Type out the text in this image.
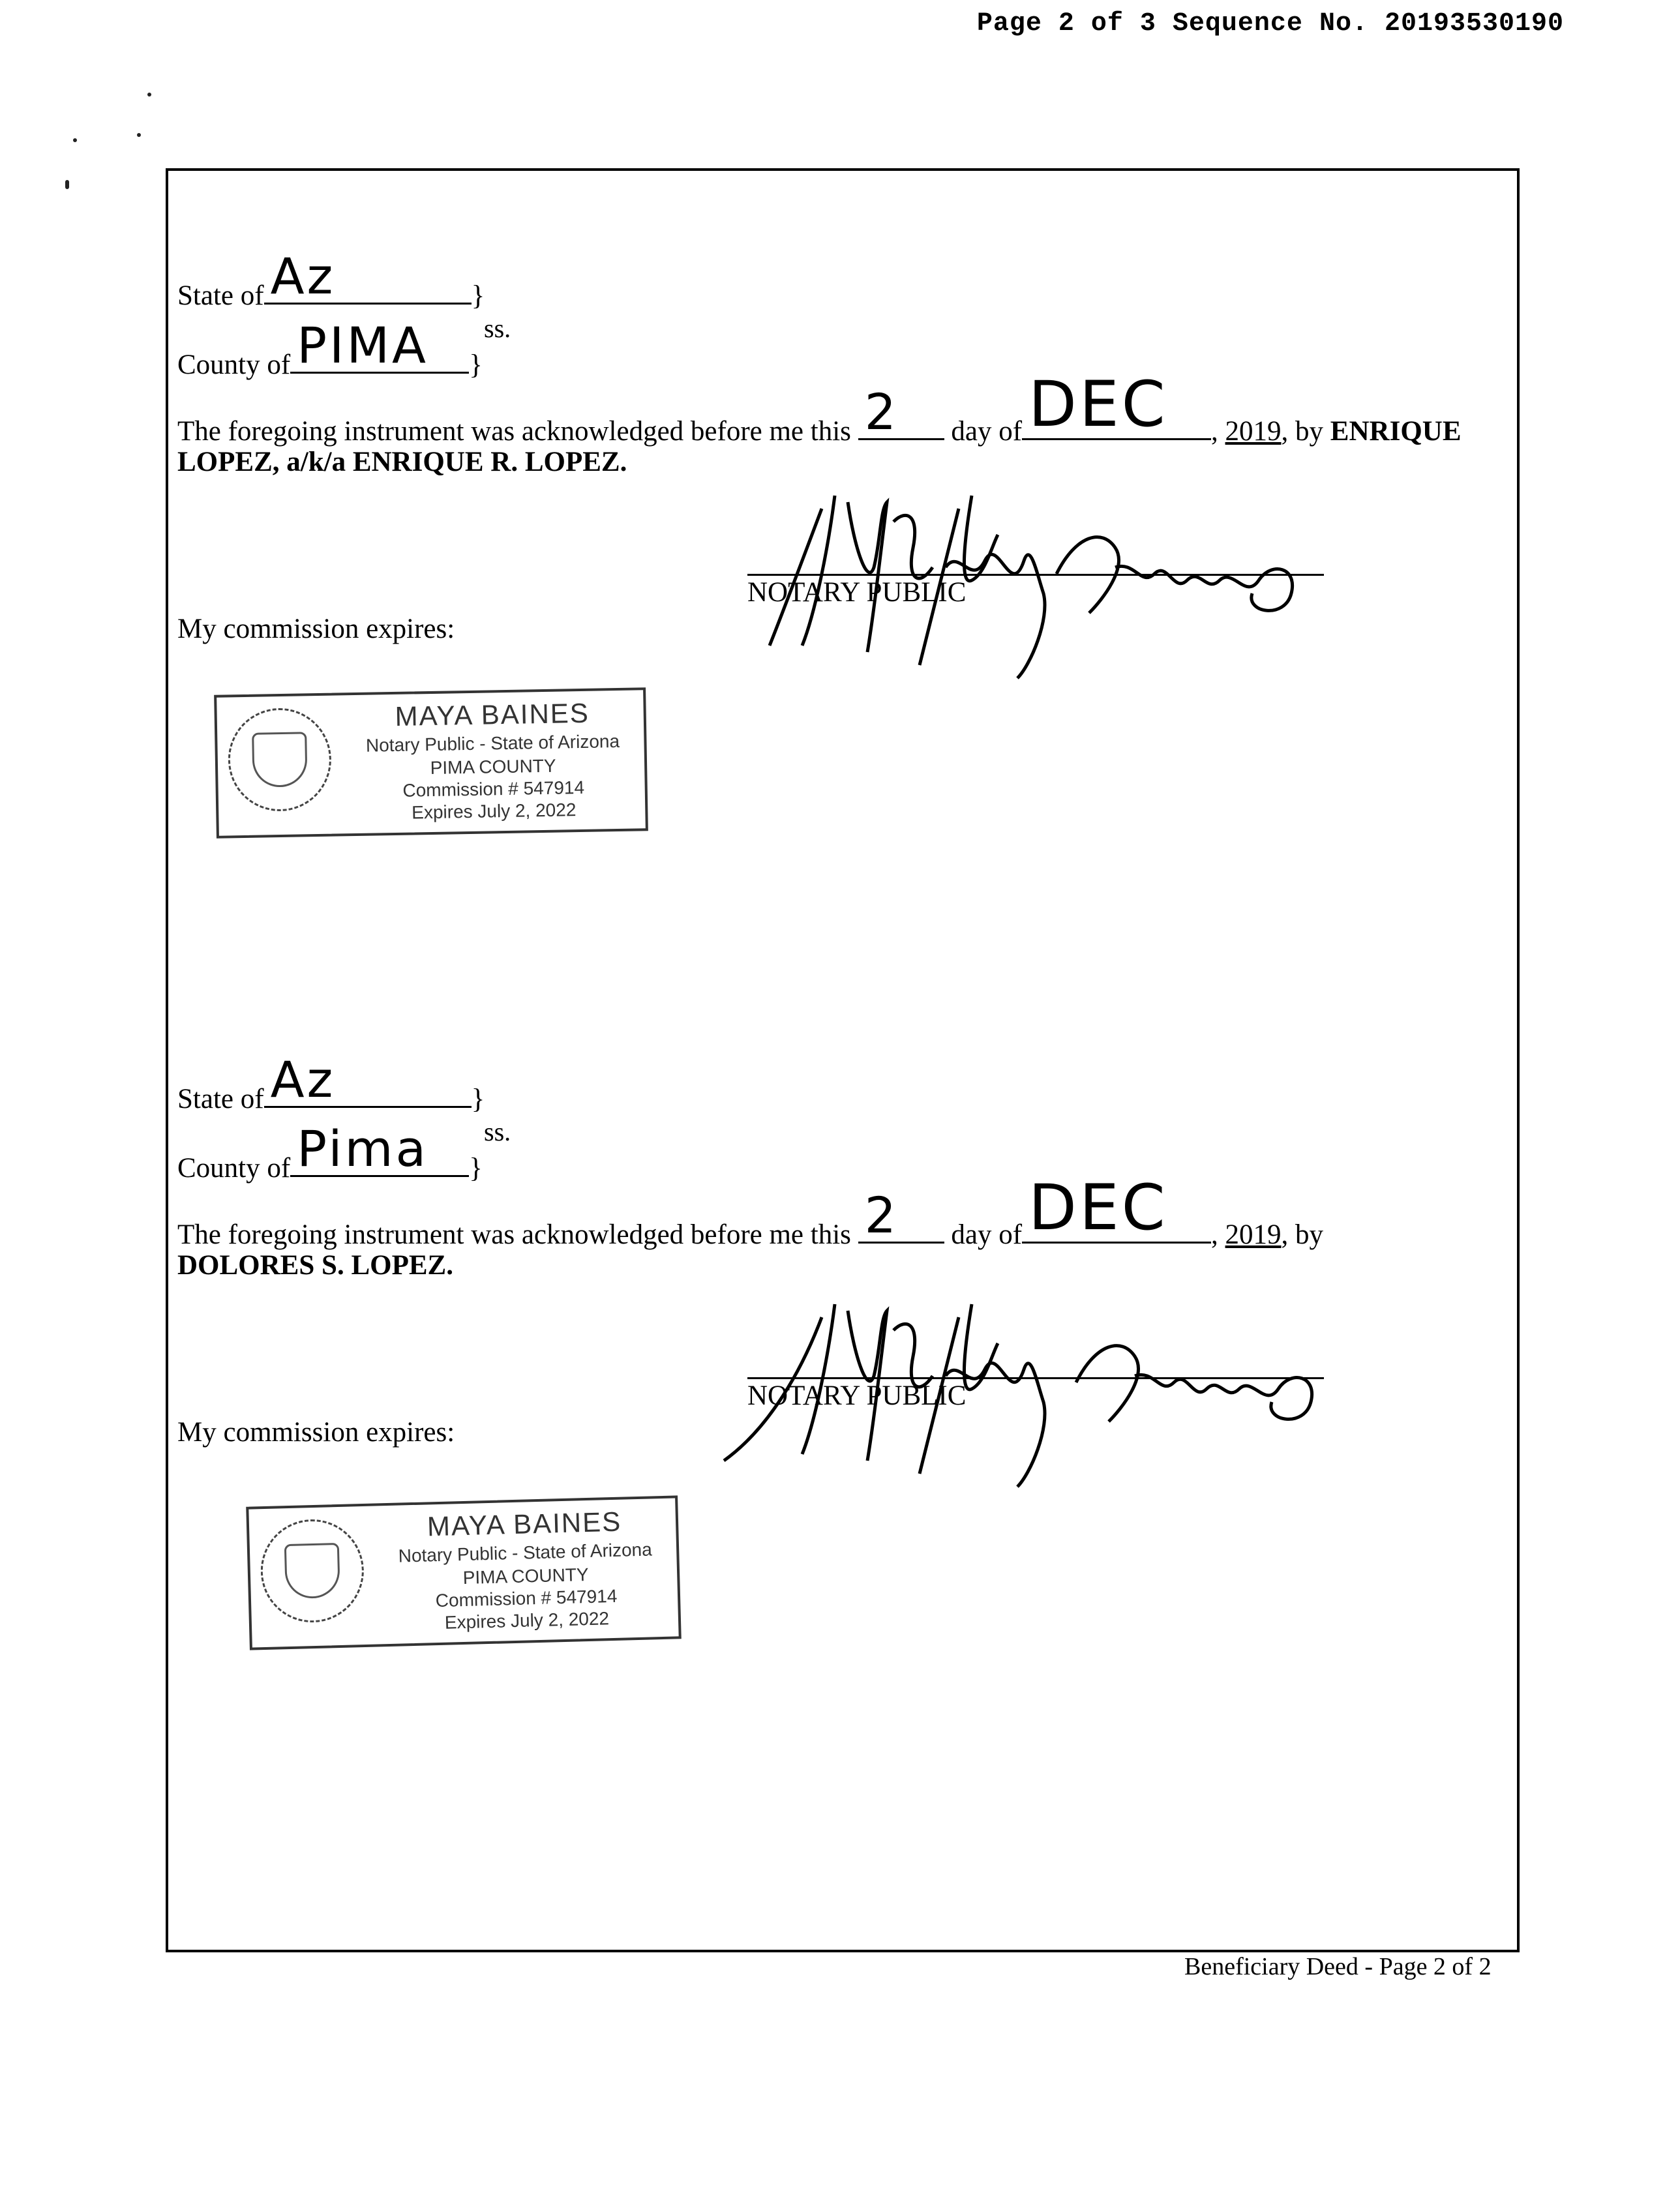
Page 2 of 3 Sequence No. 20193530190
State of Az	}
ss.
County of PIMA }
The foregoing instrument was acknowledged before me this 2 day of DEC , 2019, by ENRIQUE
LOPEZ, a/k/a ENRIQUE R. LOPEZ.
NOTARY PUBLIC
My commission expires:
MAYA BAINES
Notary Public - State of Arizona
PIMA COUNTY
Commission # 547914
Expires July 2, 2022
State of Az	}
ss.
County of Pima }
The foregoing instrument was acknowledged before me this 2 day of DEC , 2019, by
DOLORES S. LOPEZ.
NOTARY PUBLIC
My commission expires:
MAYA BAINES
Notary Public - State of Arizona
PIMA COUNTY
Commission # 547914
Expires July 2, 2022
Beneficiary Deed - Page 2 of 2
